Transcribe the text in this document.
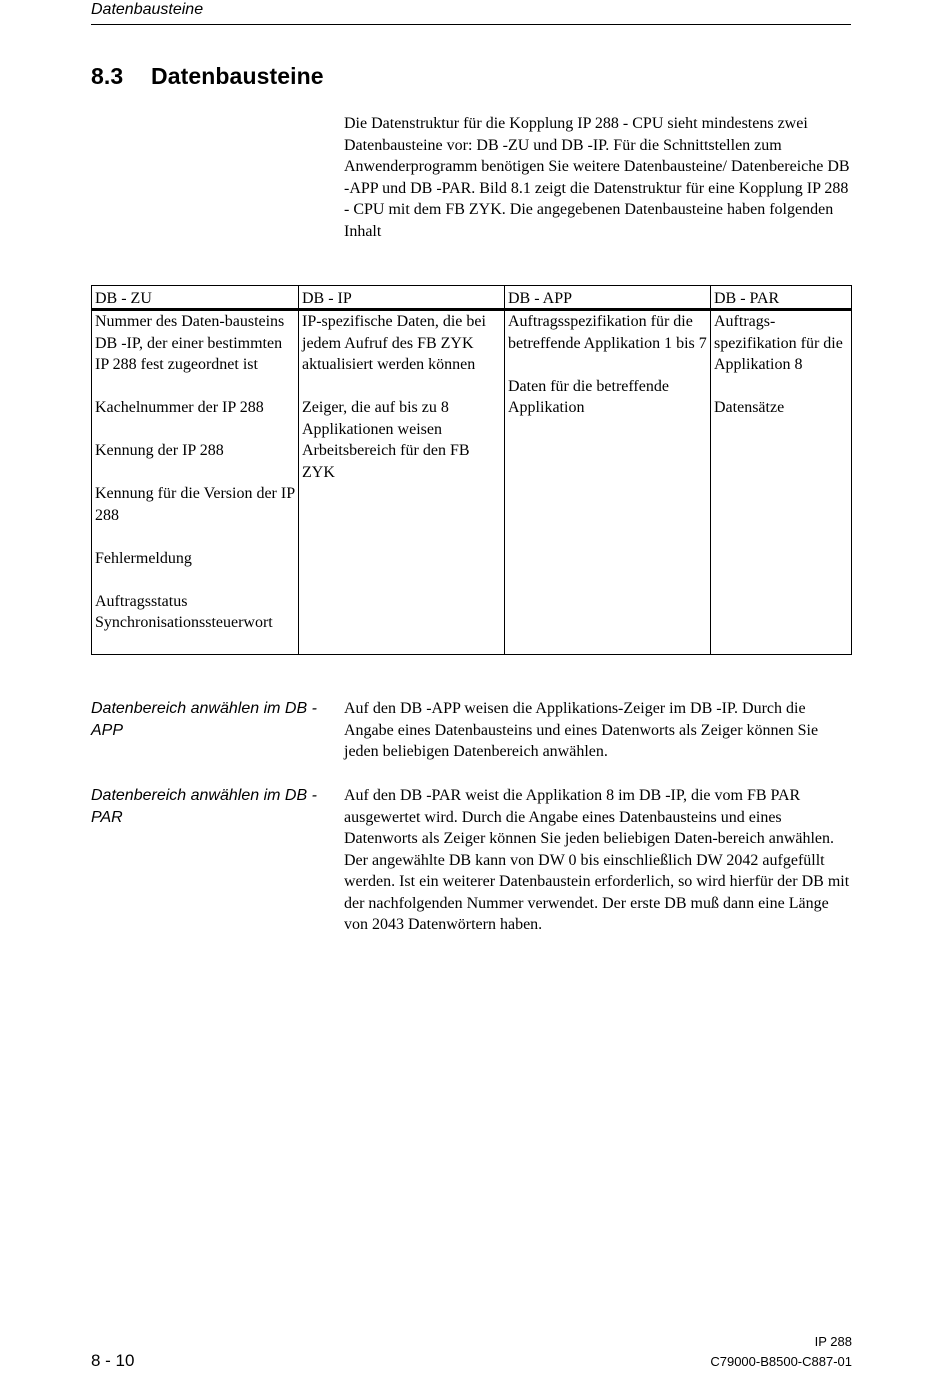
Datenbausteine
8.3 Datenbausteine
Die Datenstruktur für die Kopplung IP 288 - CPU sieht mindestens zwei Datenbausteine vor: DB -ZU und DB -IP. Für die Schnittstellen zum Anwenderprogramm benötigen Sie weitere Datenbausteine/ Datenbereiche DB -APP und DB -PAR. Bild 8.1 zeigt die Datenstruktur für eine Kopplung IP 288 - CPU mit dem FB ZYK. Die angegebenen Datenbausteine haben folgenden Inhalt
DB - ZU
Nummer des Daten-bausteins DB -IP, der einer bestimmten IP 288 fest zugeordnet ist
Kachelnummer der IP 288
Kennung der IP 288
Kennung für die Version der IP 288
Fehlermeldung
Auftragsstatus Synchronisationssteuerwort
DB - IP
IP-spezifische Daten, die bei jedem Aufruf des FB ZYK aktualisiert werden können
Zeiger, die auf bis zu 8 Applikationen weisen Arbeitsbereich für den FB ZYK
DB - APP
Auftragsspezifikation für die betreffende Applikation 1 bis 7
Daten für die betreffende Applikation
DB - PAR
Auftrags-spezifikation für die Applikation 8
Datensätze
Datenbereich anwählen im DB - APP
Auf den DB -APP weisen die Applikations-Zeiger im DB -IP. Durch die Angabe eines Datenbausteins und eines Datenworts als Zeiger können Sie jeden beliebigen Datenbereich anwählen.
Datenbereich anwählen im DB - PAR
Auf den DB -PAR weist die Applikation 8 im DB -IP, die vom FB PAR ausgewertet wird. Durch die Angabe eines Datenbausteins und eines Datenworts als Zeiger können Sie jeden beliebigen Daten-bereich anwählen. Der angewählte DB kann von DW 0 bis einschließlich DW 2042 aufgefüllt werden. Ist ein weiterer Datenbaustein erforderlich, so wird hierfür der DB mit der nachfolgenden Nummer verwendet. Der erste DB muß dann eine Länge von 2043 Datenwörtern haben.
IP 288
C79000-B8500-C887-01
8 - 10
